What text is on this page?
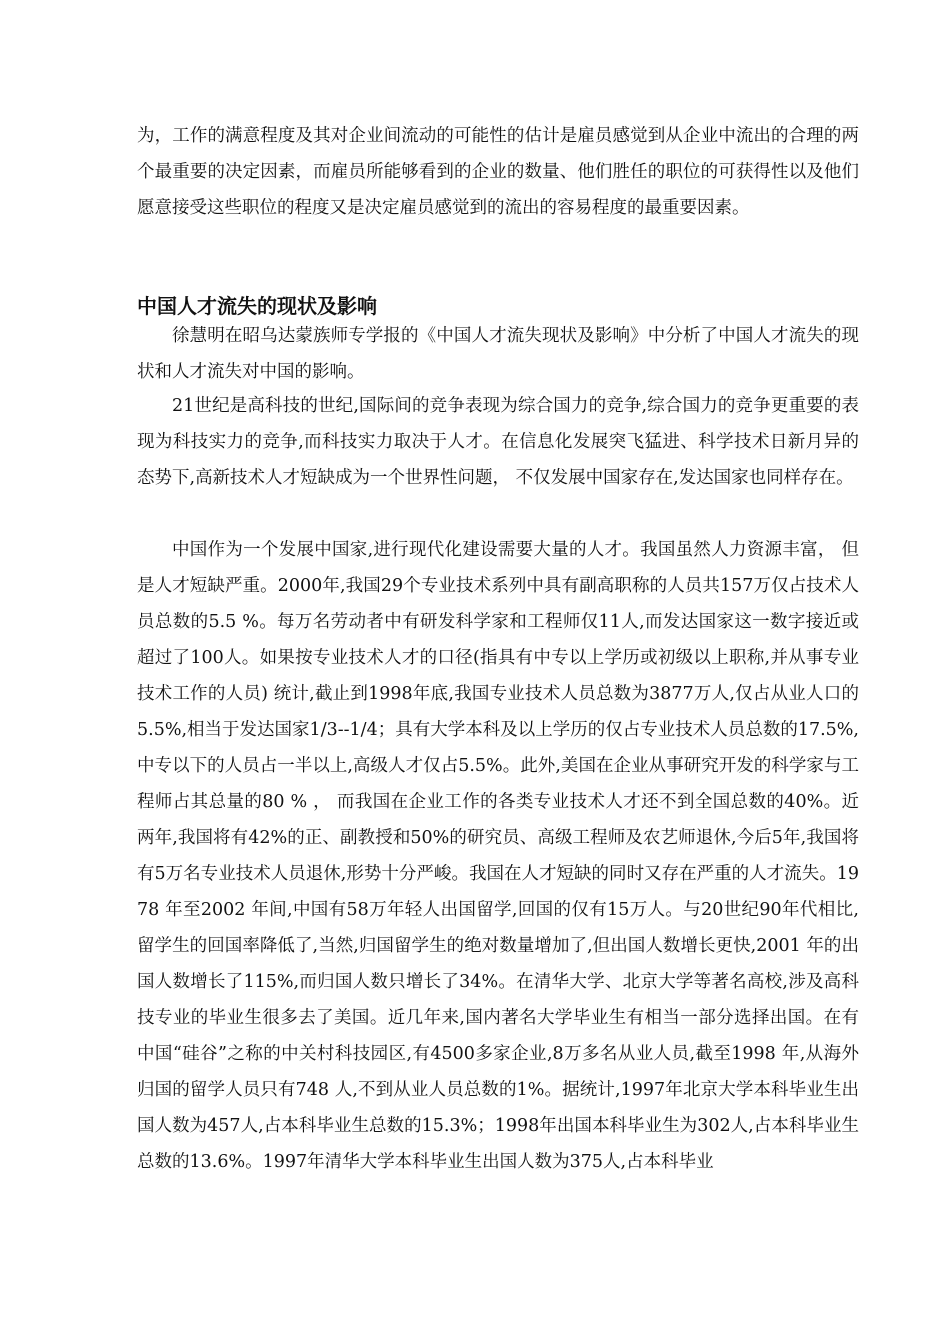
为，工作的满意程度及其对企业间流动的可能性的估计是雇员感觉到从企业中流出的合理的两个最重要的决定因素，而雇员所能够看到的企业的数量、他们胜任的职位的可获得性以及他们愿意接受这些职位的程度又是决定雇员感觉到的流出的容易程度的最重要因素。

中国人才流失的现状及影响

徐慧明在昭乌达蒙族师专学报的《中国人才流失现状及影响》中分析了中国人才流失的现状和人才流失对中国的影响。

21世纪是高科技的世纪,国际间的竞争表现为综合国力的竞争,综合国力的竞争更重要的表现为科技实力的竞争,而科技实力取决于人才。在信息化发展突飞猛进、科学技术日新月异的态势下,高新技术人才短缺成为一个世界性问题， 不仅发展中国家存在,发达国家也同样存在。

中国作为一个发展中国家,进行现代化建设需要大量的人才。我国虽然人力资源丰富， 但是人才短缺严重。2000年,我国29个专业技术系列中具有副高职称的人员共157万仅占技术人员总数的5.5 %。每万名劳动者中有研发科学家和工程师仅11人,而发达国家这一数字接近或超过了100人。如果按专业技术人才的口径(指具有中专以上学历或初级以上职称,并从事专业技术工作的人员) 统计,截止到1998年底,我国专业技术人员总数为3877万人,仅占从业人口的5.5%,相当于发达国家1/3--1/4；具有大学本科及以上学历的仅占专业技术人员总数的17.5%,中专以下的人员占一半以上,高级人才仅占5.5%。此外,美国在企业从事研究开发的科学家与工程师占其总量的80 % ， 而我国在企业工作的各类专业技术人才还不到全国总数的40%。近两年,我国将有42%的正、副教授和50%的研究员、高级工程师及农艺师退休,今后5年,我国将有5万名专业技术人员退休,形势十分严峻。我国在人才短缺的同时又存在严重的人才流失。1978 年至2002 年间,中国有58万年轻人出国留学,回国的仅有15万人。与20世纪90年代相比,留学生的回国率降低了,当然,归国留学生的绝对数量增加了,但出国人数增长更快,2001 年的出国人数增长了115%,而归国人数只增长了34%。在清华大学、北京大学等著名高校,涉及高科技专业的毕业生很多去了美国。近几年来,国内著名大学毕业生有相当一部分选择出国。在有中国“硅谷”之称的中关村科技园区,有4500多家企业,8万多名从业人员,截至1998 年,从海外归国的留学人员只有748 人,不到从业人员总数的1%。据统计,1997年北京大学本科毕业生出国人数为457人,占本科毕业生总数的15.3%；1998年出国本科毕业生为302人,占本科毕业生总数的13.6%。1997年清华大学本科毕业生出国人数为375人,占本科毕业
